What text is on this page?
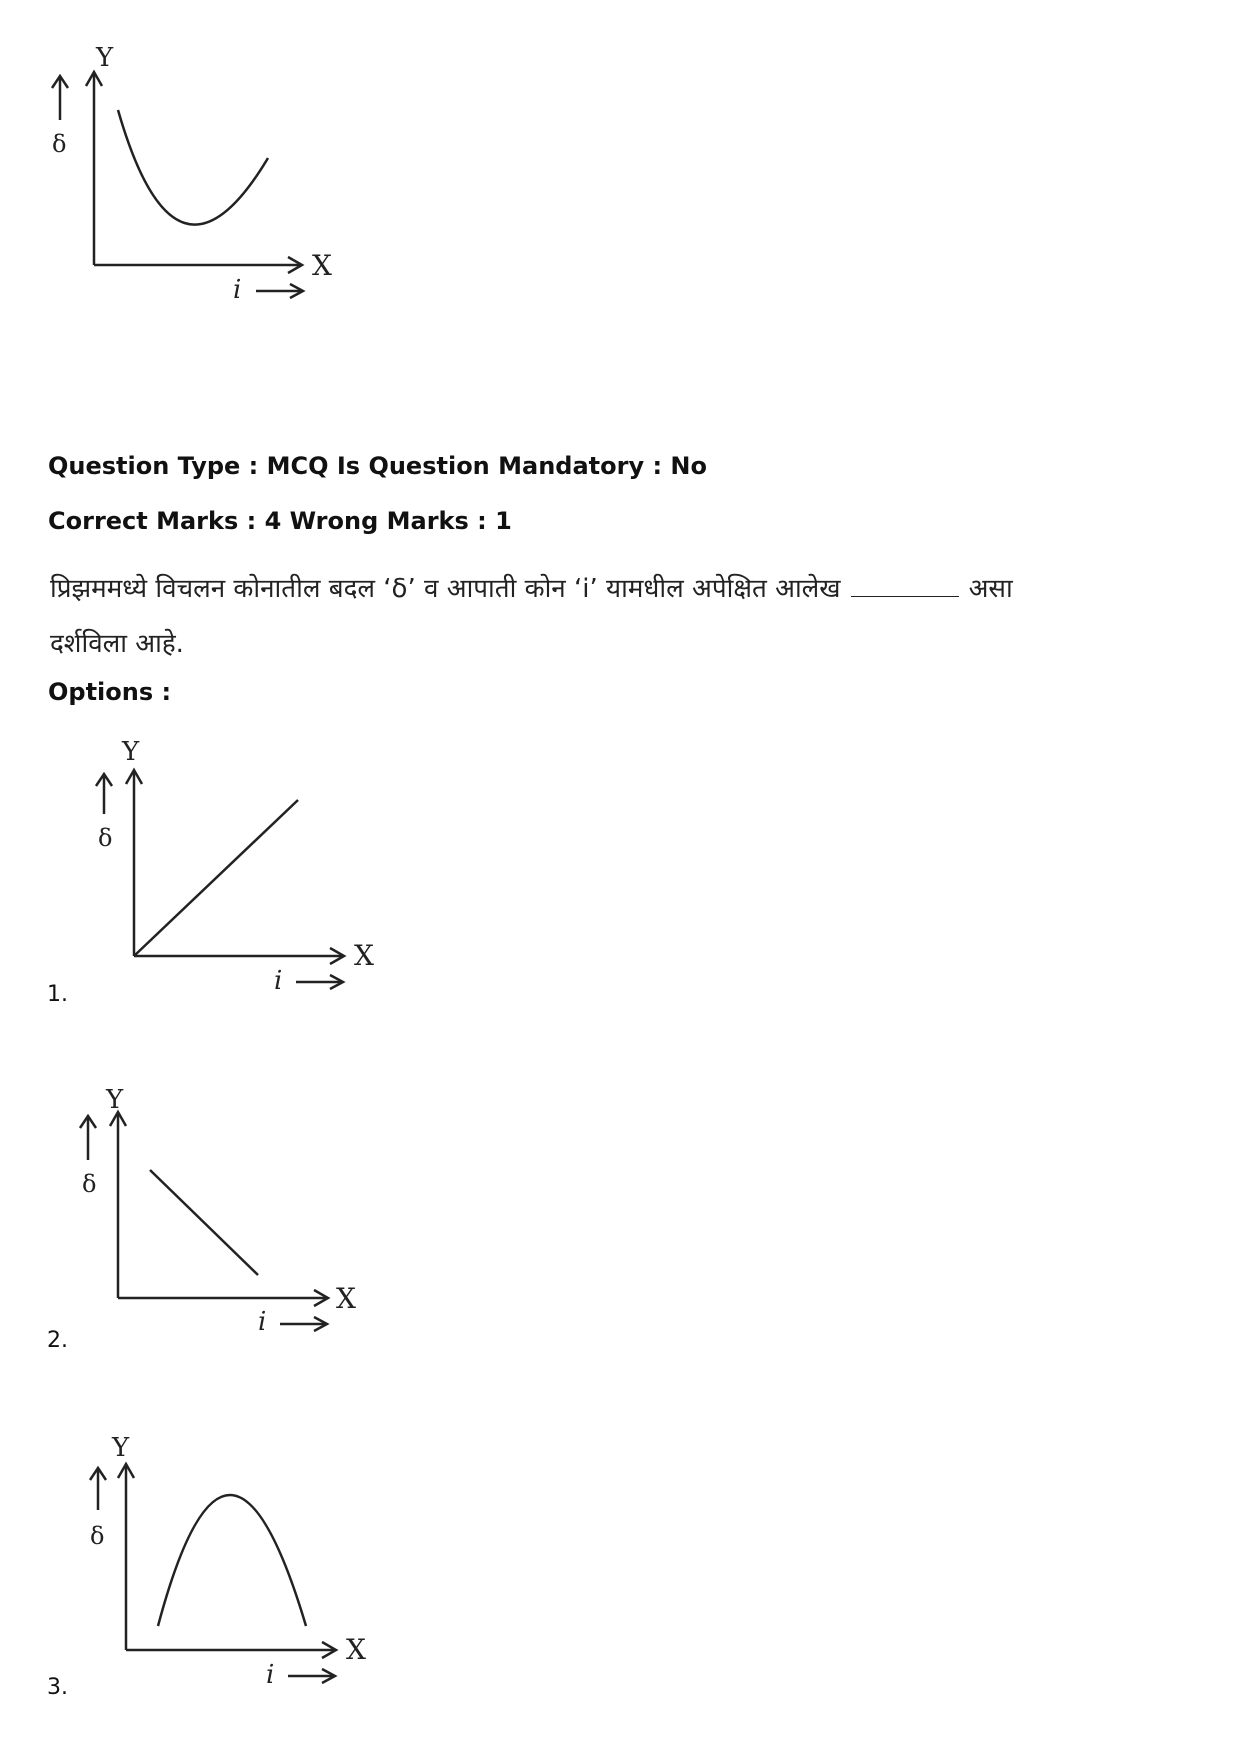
Y
δ
X
i
Question Type : MCQ Is Question Mandatory : No
Correct Marks : 4 Wrong Marks : 1
प्रिझममध्ये विचलन कोनातील बदल ‘δ’ व आपाती कोन ‘i’ यामधील अपेक्षित आलेख	असा दर्शविला आहे.
Options :
Y
δ
X
i
1.
Y
δ
X
i
2.
Y
δ
X
i
3.
